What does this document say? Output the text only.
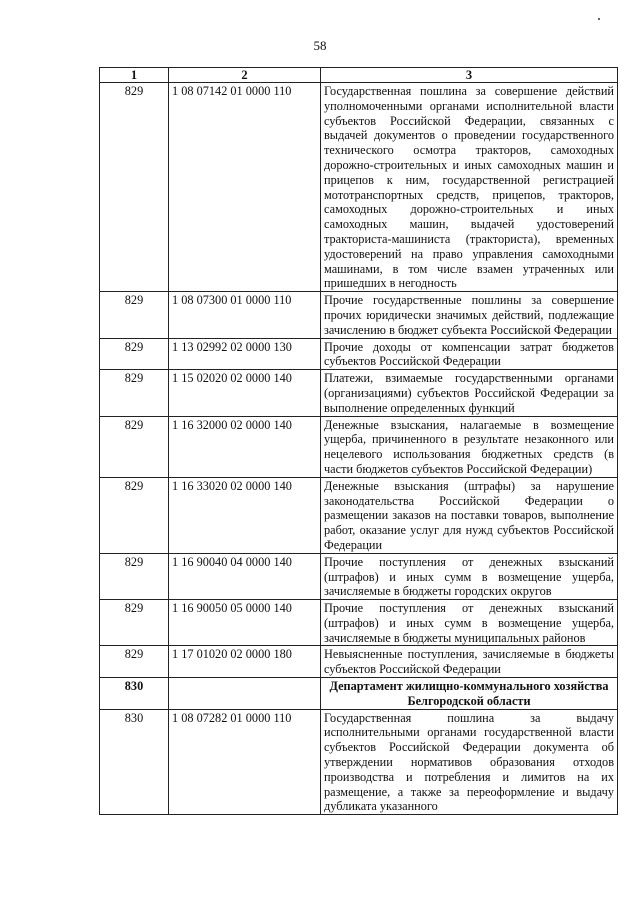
58
1	2	3
829	1 08 07142 01 0000 110	Государственная пошлина за совершение действий уполномоченными органами исполнительной власти субъектов Российской Федерации, связанных с выдачей документов о проведении государственного технического осмотра тракторов, самоходных дорожно-строительных и иных самоходных машин и прицепов к ним, государственной регистрацией мототранспортных средств, прицепов, тракторов, самоходных дорожно-строительных и иных самоходных машин, выдачей удостоверений тракториста-машиниста (тракториста), временных удостоверений на право управления самоходными машинами, в том числе взамен утраченных или пришедших в негодность
829	1 08 07300 01 0000 110	Прочие государственные пошлины за совершение прочих юридически значимых действий, подлежащие зачислению в бюджет субъекта Российской Федерации
829	1 13 02992 02 0000 130	Прочие доходы от компенсации затрат бюджетов субъектов Российской Федерации
829	1 15 02020 02 0000 140	Платежи, взимаемые государственными органами (организациями) субъектов Российской Федерации за выполнение определенных функций
829	1 16 32000 02 0000 140	Денежные взыскания, налагаемые в возмещение ущерба, причиненного в результате незаконного или нецелевого использования бюджетных средств (в части бюджетов субъектов Российской Федерации)
829	1 16 33020 02 0000 140	Денежные взыскания (штрафы) за нарушение законодательства Российской Федерации о размещении заказов на поставки товаров, выполнение работ, оказание услуг для нужд субъектов Российской Федерации
829	1 16 90040 04 0000 140	Прочие поступления от денежных взысканий (штрафов) и иных сумм в возмещение ущерба, зачисляемые в бюджеты городских округов
829	1 16 90050 05 0000 140	Прочие поступления от денежных взысканий (штрафов) и иных сумм в возмещение ущерба, зачисляемые в бюджеты муниципальных районов
829	1 17 01020 02 0000 180	Невыясненные поступления, зачисляемые в бюджеты субъектов Российской Федерации
830		Департамент жилищно-коммунального хозяйства Белгородской области
830	1 08 07282 01 0000 110	Государственная пошлина за выдачу исполнительными органами государственной власти субъектов Российской Федерации документа об утверждении нормативов образования отходов производства и потребления и лимитов на их размещение, а также за переоформление и выдачу дубликата указанного
